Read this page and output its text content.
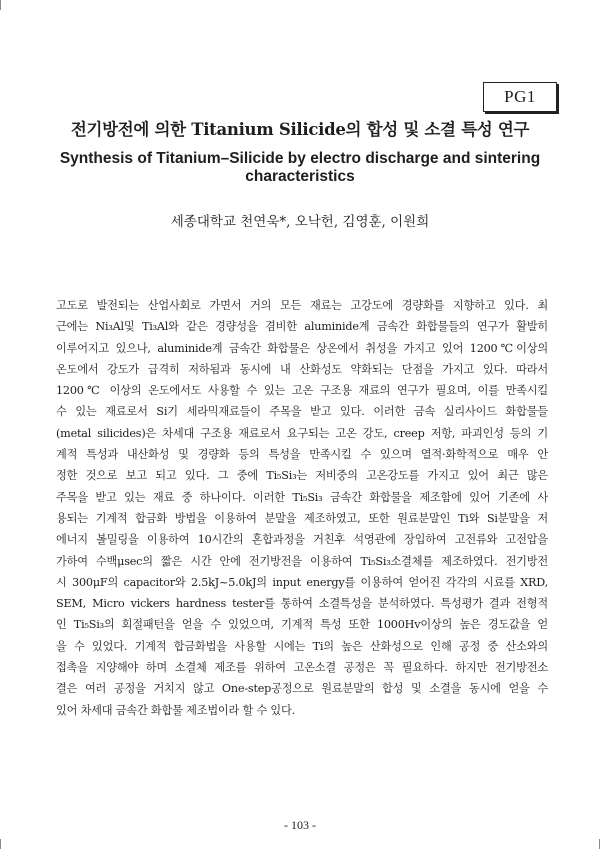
PG1
전기방전에 의한 Titanium Silicide의 합성 및 소결 특성 연구
Synthesis of Titanium–Silicide by electro discharge and sintering characteristics
세종대학교 천연욱*, 오낙헌, 김영훈, 이원희
고도로 발전되는 산업사회로 가면서 거의 모든 재료는 고강도에 경량화를 지향하고 있다. 최
근에는 Ni₃Al및 Ti₃Al와 같은 경량성을 겸비한 aluminide계 금속간 화합물들의 연구가 활발히
이루어지고 있으나, aluminide계 금속간 화합물은 상온에서 취성을 가지고 있어 1200℃이상의
온도에서 강도가 급격히 저하됨과 동시에 내 산화성도 약화되는 단점을 가지고 있다. 따라서
1200℃ 이상의 온도에서도 사용할 수 있는 고온 구조용 재료의 연구가 필요며, 이를 만족시킬
수 있는 재료로서 Si기 세라믹재료들이 주목을 받고 있다. 이러한 금속 실리사이드 화합물들
(metal silicides)은 차세대 구조용 재료로서 요구되는 고온 강도, creep 저항, 파괴인성 등의 기
계적 특성과 내산화성 및 경량화 등의 특성을 만족시킬 수 있으며 열적·화학적으로 매우 안
정한 것으로 보고 되고 있다. 그 중에 Ti₅Si₃는 저비중의 고온강도를 가지고 있어 최근 많은
주목을 받고 있는 재료 중 하나이다. 이러한 Ti₅Si₃ 금속간 화합물을 제조함에 있어 기존에 사
용되는 기계적 합금화 방법을 이용하여 분말을 제조하였고, 또한 원료분말인 Ti와 Si분말을 저
에너지 볼밀링을 이용하여 10시간의 혼합과정을 거친후 석영관에 장입하여 고전류와 고전압을
가하여 수백μsec의 짧은 시간 안에 전기방전을 이용하여 Ti₅Si₃소결체를 제조하였다. 전기방전
시 300μF의 capacitor와 2.5kJ~5.0kJ의 input energy를 이용하여 얻어진 각각의 시료를 XRD,
SEM, Micro vickers hardness tester를 통하여 소결특성을 분석하였다. 특성평가 결과 전형적
인 Ti₅Si₃의 회절패턴을 얻을 수 있었으며, 기계적 특성 또한 1000Hv이상의 높은 경도값을 얻
을 수 있었다. 기계적 합금화법을 사용할 시에는 Ti의 높은 산화성으로 인해 공정 중 산소와의
접촉을 지양해야 하며 소결체 제조를 위하여 고온소결 공정은 꼭 필요하다. 하지만 전기방전소
결은 여러 공정을 거치지 않고 One-step공정으로 원료분말의 합성 및 소결을 동시에 얻을 수
있어 차세대 금속간 화합물 제조법이라 할 수 있다.
- 103 -
